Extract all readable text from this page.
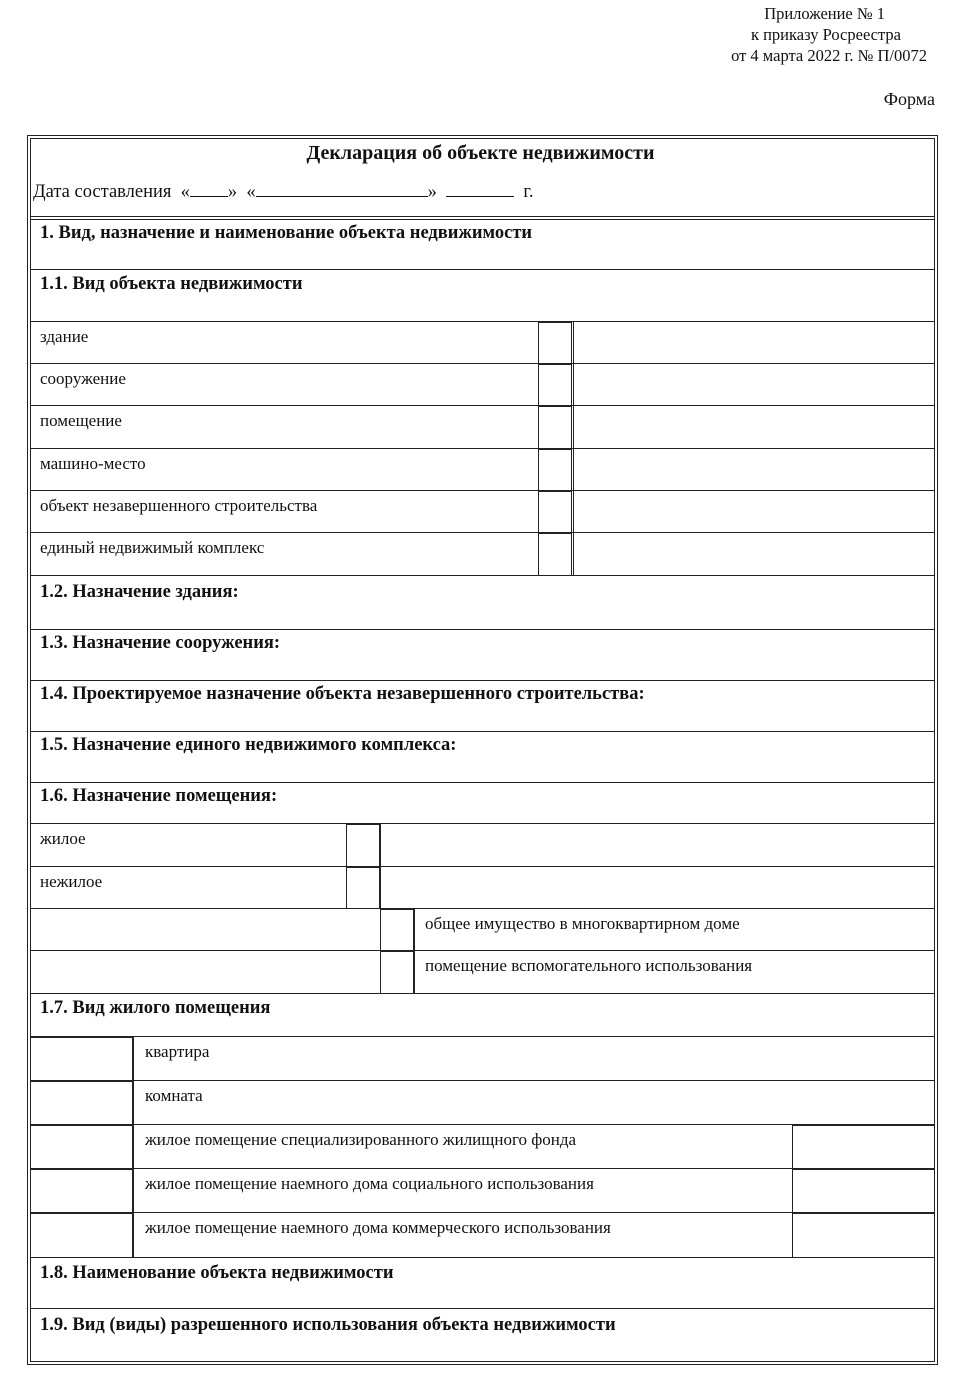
Приложение № 1
к приказу Росреестра
от 4 марта 2022 г. № П/0072
Форма
Декларация об объекте недвижимости
Дата составления « » «	»	г.
1. Вид, назначение и наименование объекта недвижимости
1.1. Вид объекта недвижимости
1.2. Назначение здания:
1.3. Назначение сооружения:
1.4. Проектируемое назначение объекта незавершенного строительства:
1.5. Назначение единого недвижимого комплекса:
1.6. Назначение помещения:
1.7. Вид жилого помещения
1.8. Наименование объекта недвижимости
1.9. Вид (виды) разрешенного использования объекта недвижимости
здание
сооружение
помещение
машино-место
объект незавершенного строительства
единый недвижимый комплекс
жилое
нежилое
общее имущество в многоквартирном доме
помещение вспомогательного использования
квартира
комната
жилое помещение специализированного жилищного фонда
жилое помещение наемного дома социального использования
жилое помещение наемного дома коммерческого использования
